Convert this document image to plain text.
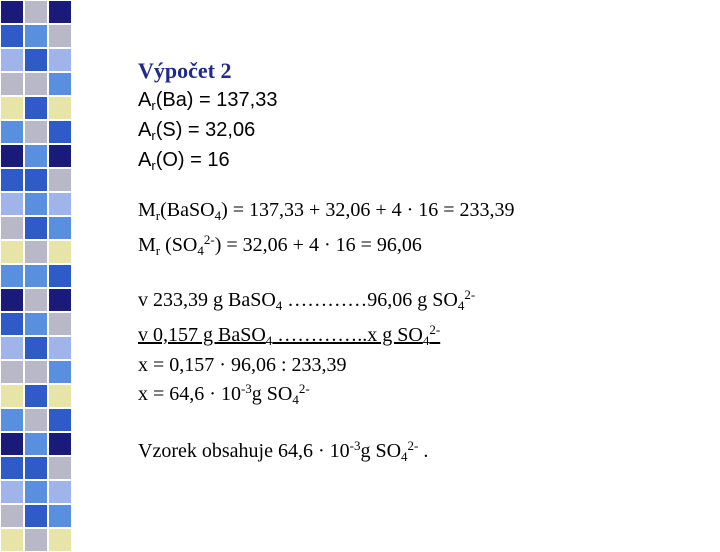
Výpočet 2
$A_r(Ba) = 137,33$
$A_r(S) = 32,06$
$A_r(O) = 16$
$M_r(BaSO_4) = 137,33 + 32,06 + 4 \cdot 16 = 233,39$
$M_r$ $(SO_4^{2-}) = 32,06 + 4 \cdot 16 = 96,06$
v 233,39 g BaSO$_4$ …………96,06 g $SO_4^{2-}$
v 0,157 g BaSO$_4$ …………..x g $SO_4^{2-}$
x = 0,157 · 96,06 : 233,39
$x = 64,6 \cdot 10^{-3}g$ $SO_4^{2-}$
Vzorek obsahuje $64,6 \cdot 10^{-3}g$ $SO_4^{2-}$ .
